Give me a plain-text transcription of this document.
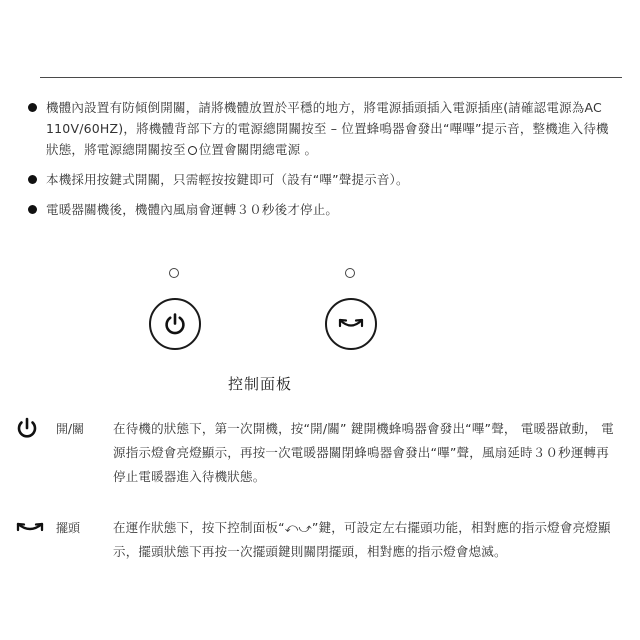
機體內設置有防傾倒開關，請將機體放置於平穩的地方，將電源插頭插入電源插座(請確認電源為AC 110V/60HZ)，將機體背部下方的電源總開關按至 – 位置蜂鳴器會發出“嗶嗶”提示音，整機進入待機狀態，將電源總開關按至 位置會關閉總電源 。
本機採用按鍵式開關，只需輕按按鍵即可（設有“嗶”聲提示音）。
電暖器關機後，機體內風扇會運轉３０秒後才停止。
控制面板
開/關 在待機的狀態下，第一次開機，按“開/關” 鍵開機蜂鳴器會發出“嗶”聲， 電暖器啟動， 電源指示燈會亮燈顯示，再按一次電暖器關閉蜂鳴器會發出“嗶”聲，風扇延時３０秒運轉再停止電暖器進入待機狀態。
擺頭	在運作狀態下，按下控制面板“⤺⤻”鍵，可設定左右擺頭功能，相對應的指示燈會亮燈顯示，擺頭狀態下再按一次擺頭鍵則關閉擺頭，相對應的指示燈會熄滅。
